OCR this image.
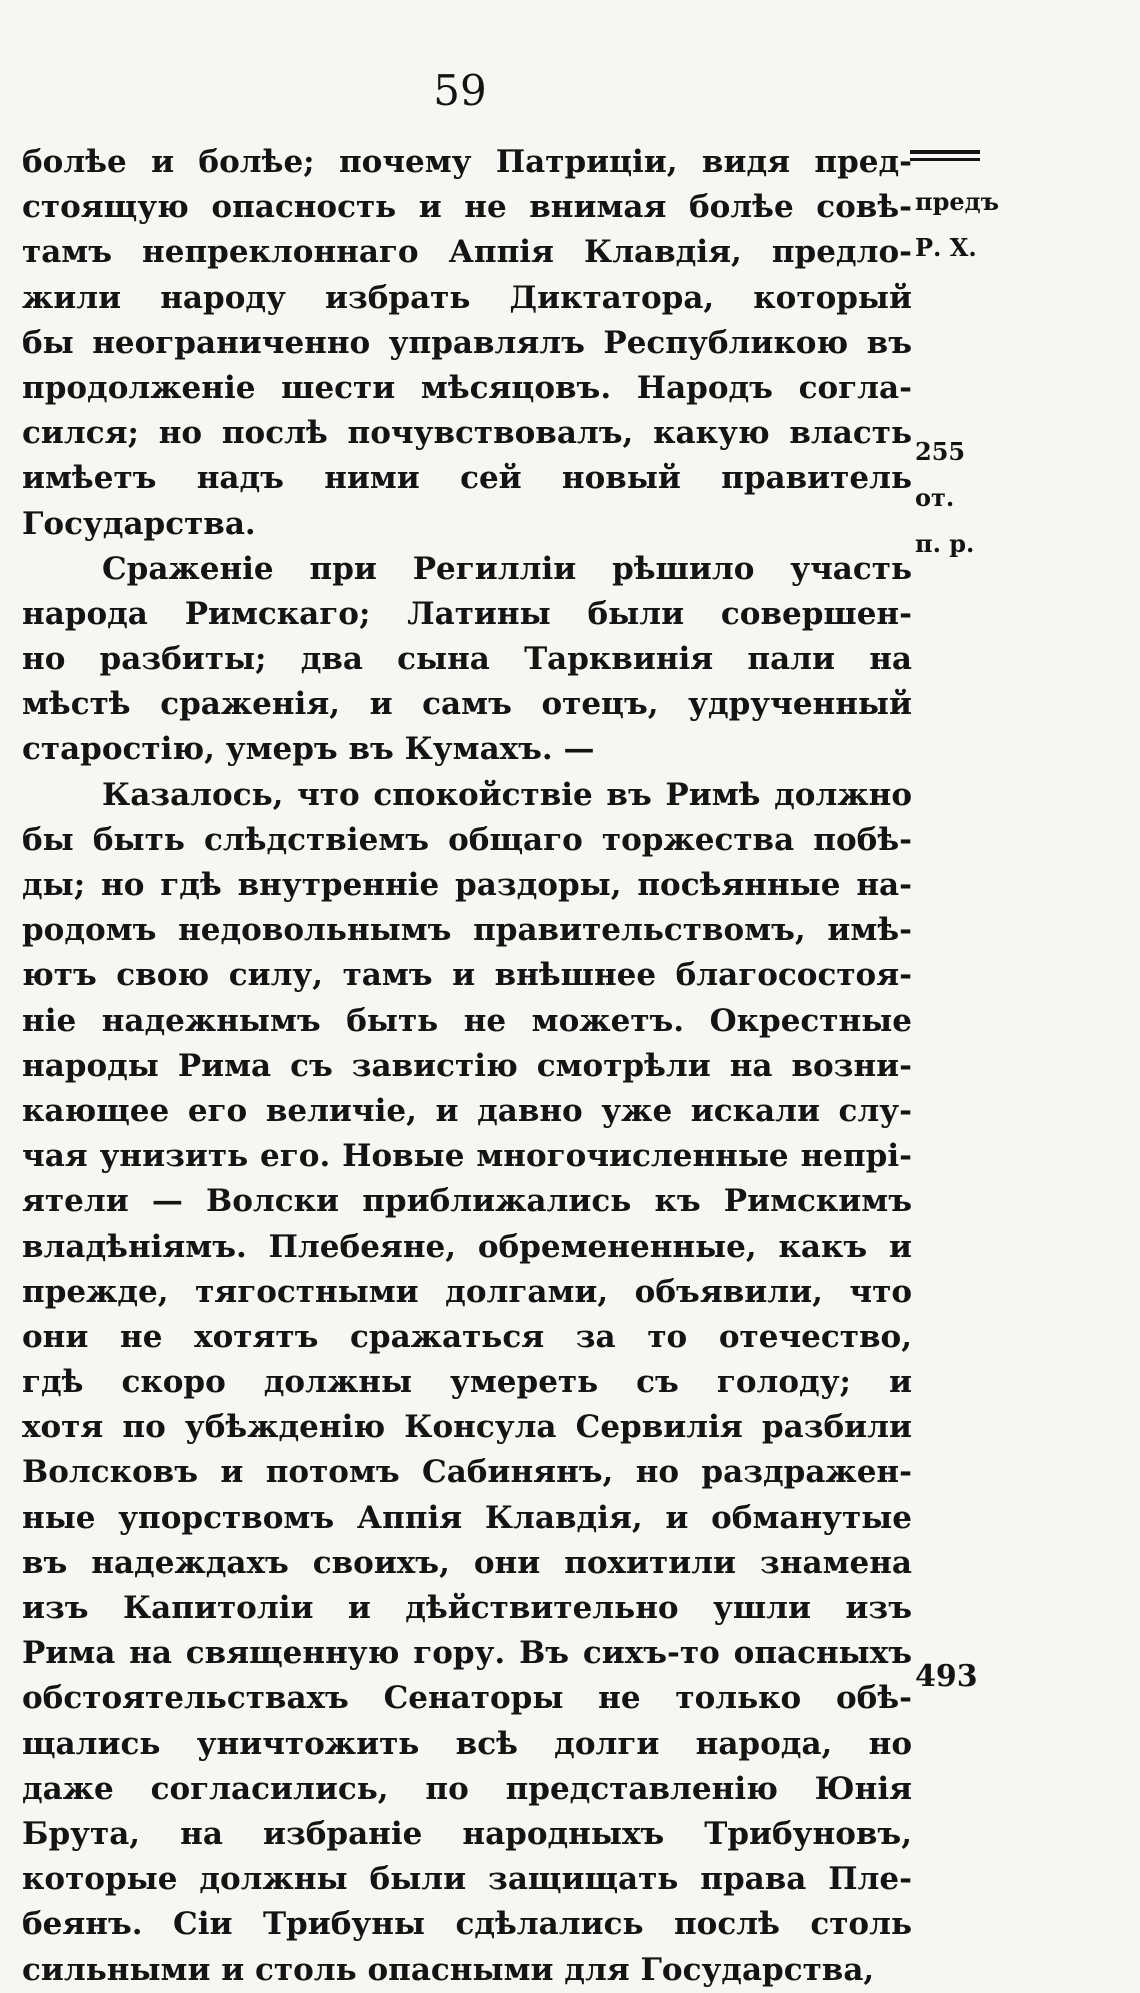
59
болѣе и болѣе; почему Патриціи, видя пред-
стоящую опасность и не внимая болѣе совѣ-
тамъ непреклоннаго Аппія Клавдія, предло-
жили народу избрать Диктатора, который
бы неограниченно управлялъ Республикою въ
продолженіе шести мѣсяцовъ. Народъ согла-
сился; но послѣ почувствовалъ, какую власть
имѣетъ надъ ними сей новый правитель
Государства.
Сраженіе при Регилліи рѣшило участь
народа Римскаго; Латины были совершен-
но разбиты; два сына Тарквинія пали на
мѣстѣ сраженія, и самъ отецъ, удрученный
старостію, умеръ въ Кумахъ. —
Казалось, что спокойствіе въ Римѣ должно
бы быть слѣдствіемъ общаго торжества побѣ-
ды; но гдѣ внутренніе раздоры, посѣянные на-
родомъ недовольнымъ правительствомъ, имѣ-
ютъ свою силу, тамъ и внѣшнее благосостоя-
ніе надежнымъ быть не можетъ. Окрестные
народы Рима съ завистію смотрѣли на возни-
кающее его величіе, и давно уже искали слу-
чая унизить его. Новые многочисленные непрі-
ятели — Волски приближались къ Римскимъ
владѣніямъ. Плебеяне, обремененные, какъ и
прежде, тягостными долгами, объявили, что
они не хотятъ сражаться за то отечество,
гдѣ скоро должны умереть съ голоду; и
хотя по убѣжденію Консула Сервилія разбили
Волсковъ и потомъ Сабинянъ, но раздражен-
ные упорствомъ Аппія Клавдія, и обманутые
въ надеждахъ своихъ, они похитили знамена
изъ Капитоліи и дѣйствительно ушли изъ
Рима на священную гору. Въ сихъ-то опасныхъ
обстоятельствахъ Сенаторы не только обѣ-
щались уничтожить всѣ долги народа, но
даже согласились, по представленію Юнія
Брута, на избраніе народныхъ Трибуновъ,
которые должны были защищать права Пле-
беянъ. Сіи Трибуны сдѣлались послѣ столь
сильными и столь опасными для Государства,
предъ
Р. Х.
255
от.
п. р.
493
